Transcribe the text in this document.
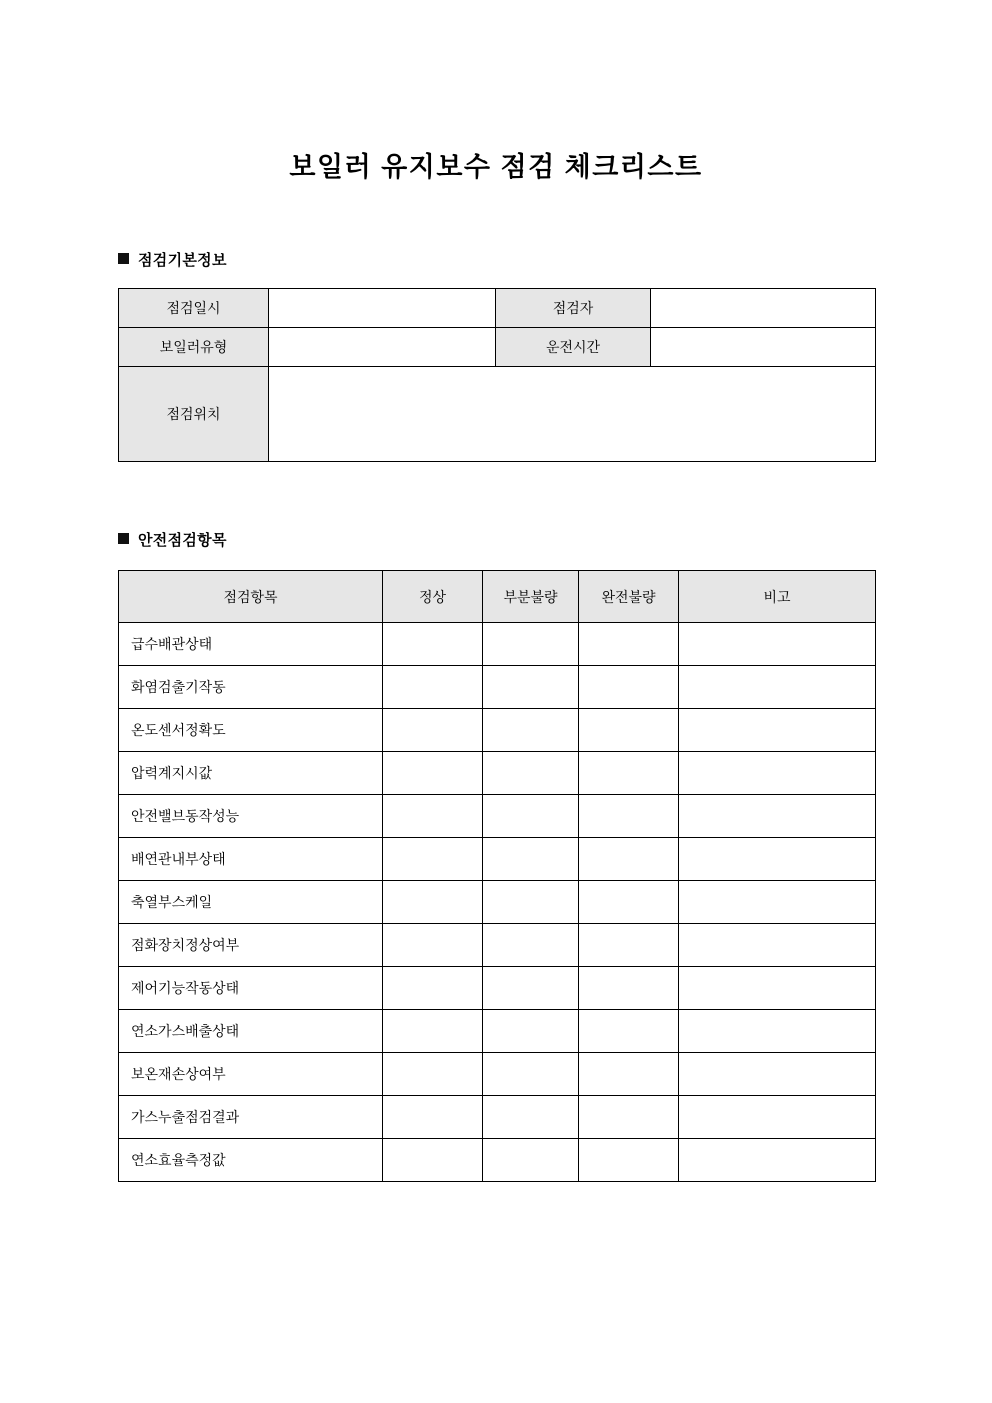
보일러 유지보수 점검 체크리스트
점검기본정보
점검일시		점검자	
보일러유형		운전시간	
점검위치			
안전점검항목
점검항목	정상	부분불량	완전불량	비고
급수배관상태				
화염검출기작동				
온도센서정확도				
압력계지시값				
안전밸브동작성능				
배연관내부상태				
축열부스케일				
점화장치정상여부				
제어기능작동상태				
연소가스배출상태				
보온재손상여부				
가스누출점검결과				
연소효율측정값				
